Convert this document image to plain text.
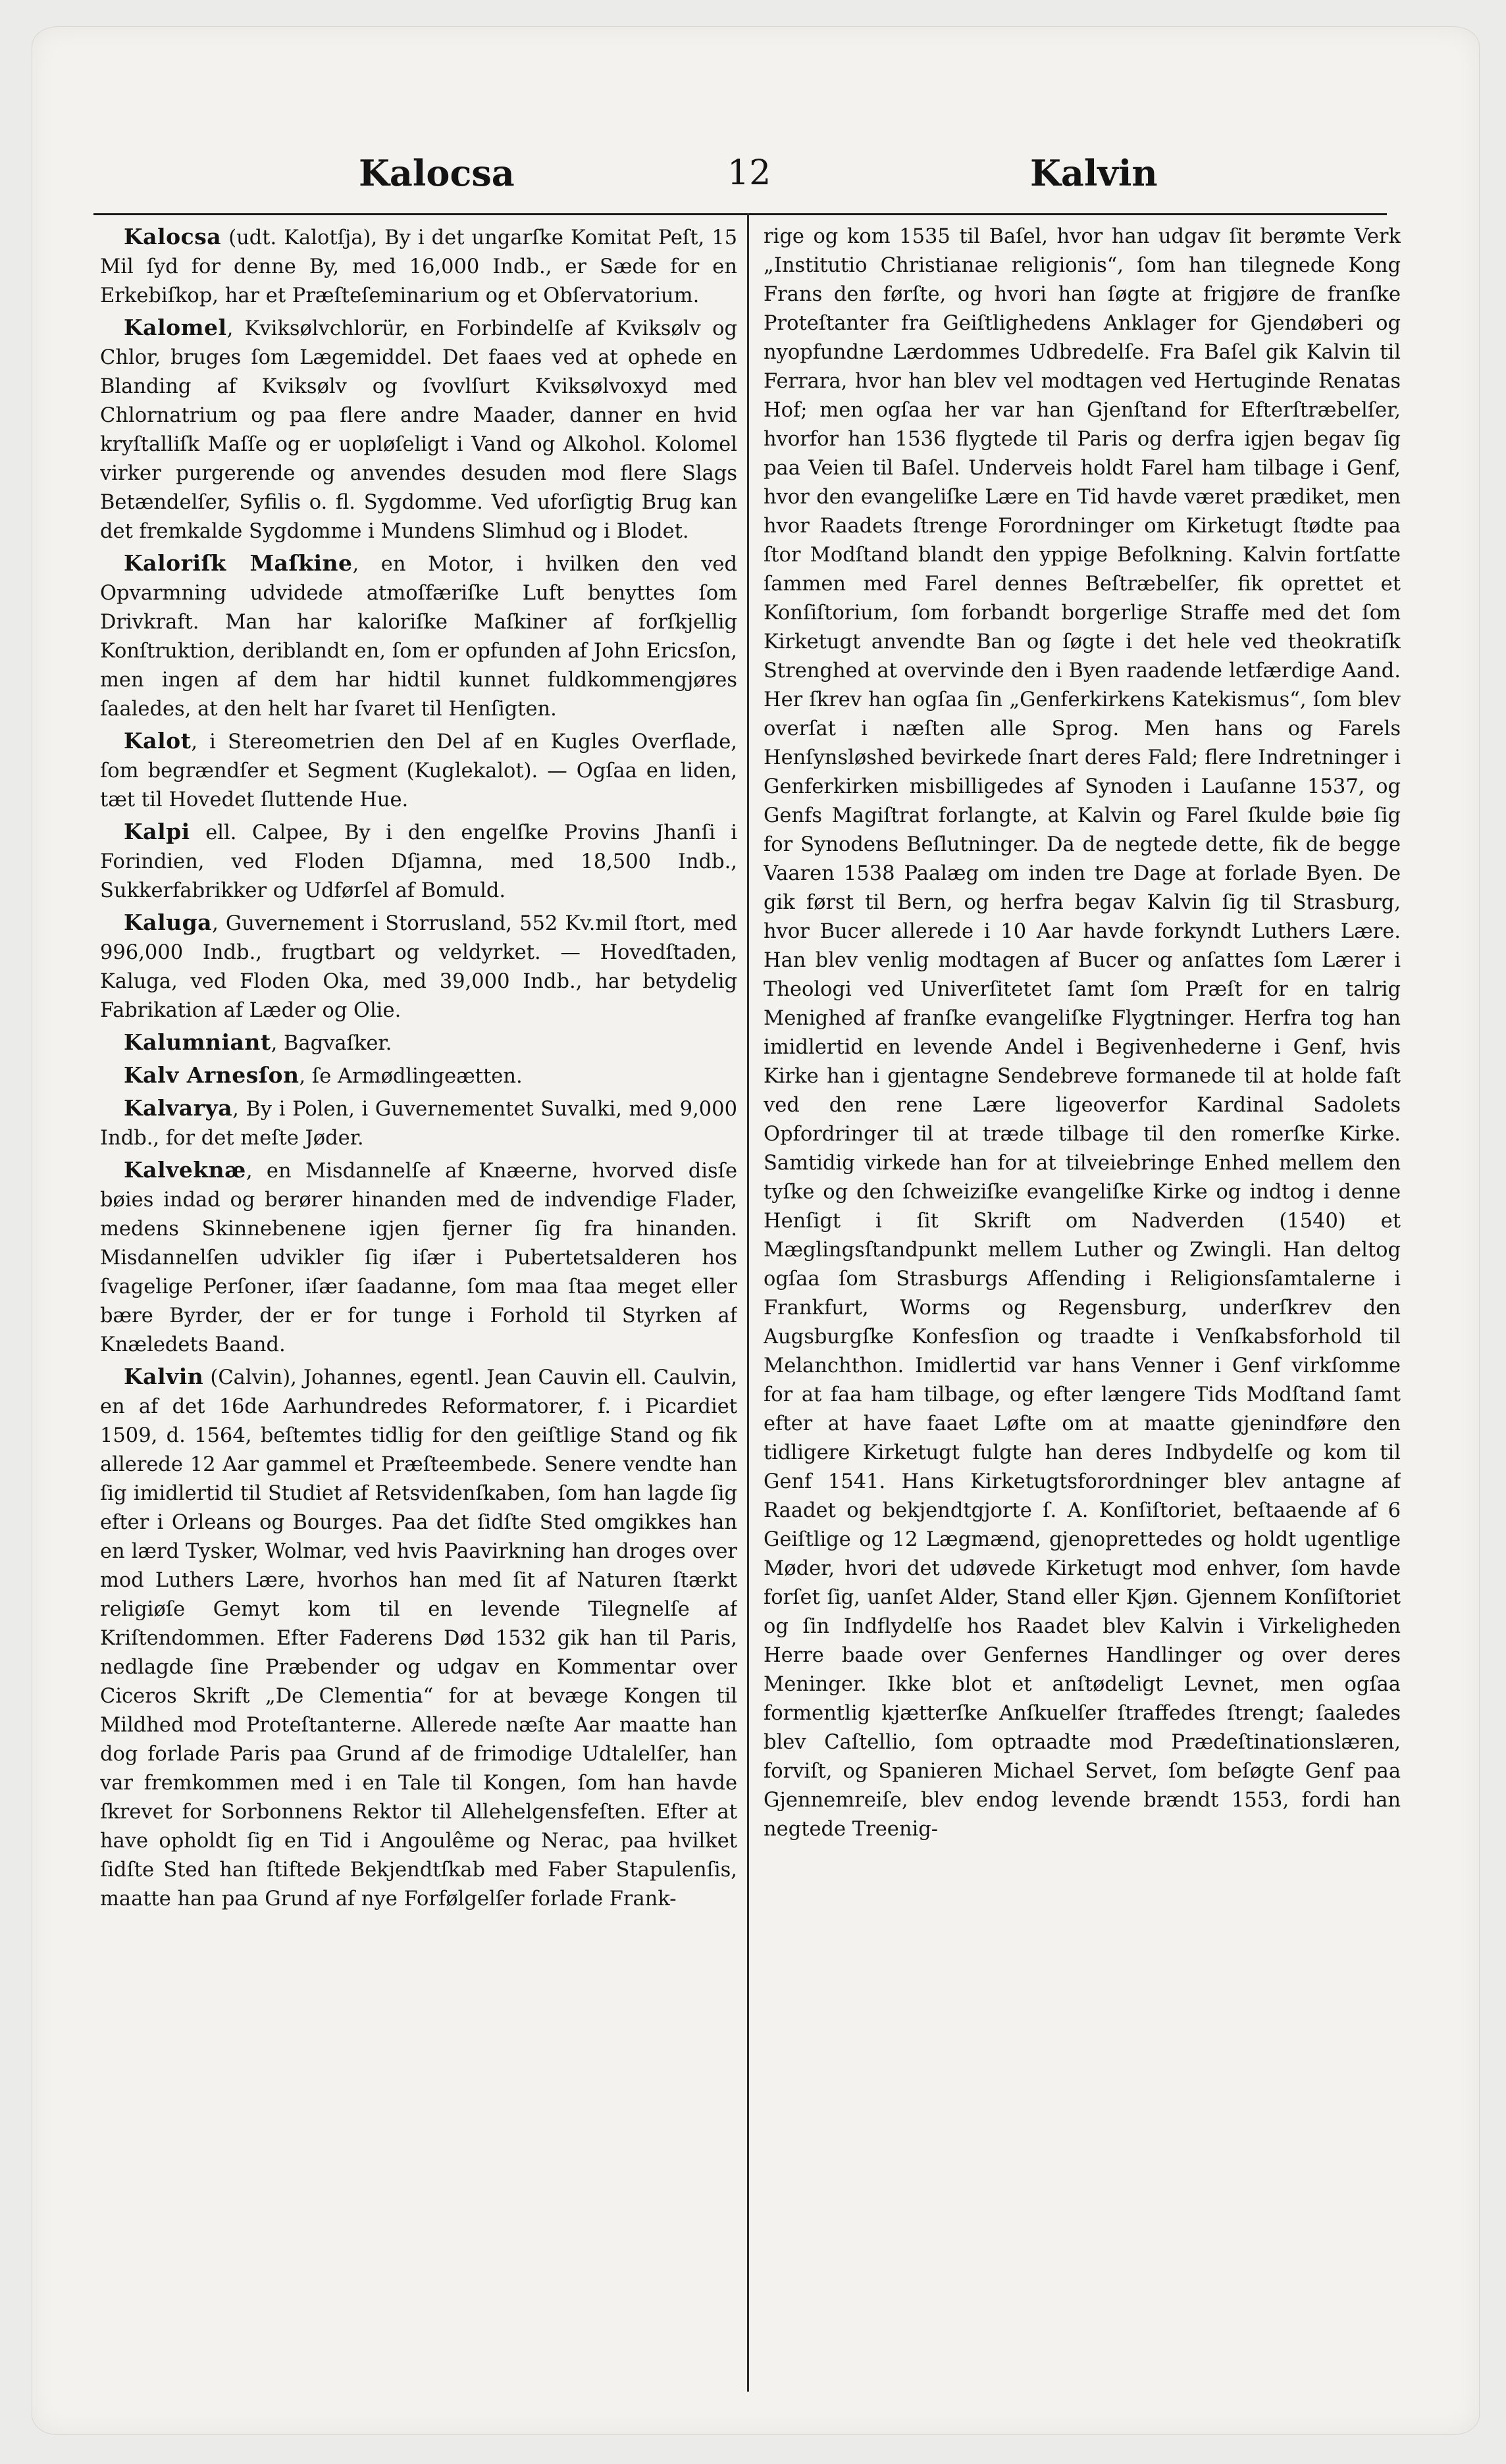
Kalocsa	12	Kalvin

Kalocsa (udt. Kalotſja), By i det ungarſke Komitat Peſt, 15 Mil ſyd for denne By, med 16,000 Indb., er Sæde for en Erkebiſkop, har et Præſteſeminarium og et Obſervatorium.

Kalomel, Kviksølvchlorür, en Forbindelſe af Kviksølv og Chlor, bruges ſom Lægemiddel. Det faaes ved at ophede en Blanding af Kviksølv og ſvovlſurt Kviksølvoxyd med Chlornatrium og paa flere andre Maader, danner en hvid kryſtalliſk Maſſe og er uopløſeligt i Vand og Alkohol. Kolomel virker purgerende og anvendes desuden mod flere Slags Betændelſer, Syfilis o. fl. Sygdomme. Ved uforſigtig Brug kan det fremkalde Sygdomme i Mundens Slimhud og i Blodet.

Kaloriſk Maſkine, en Motor, i hvilken den ved Opvarmning udvidede atmoſfæriſke Luft benyttes ſom Drivkraft. Man har kaloriſke Maſkiner af forſkjellig Konſtruktion, deriblandt en, ſom er opfunden af John Ericsſon, men ingen af dem har hidtil kunnet fuldkommengjøres ſaaledes, at den helt har ſvaret til Henſigten.

Kalot, i Stereometrien den Del af en Kugles Overflade, ſom begrændſer et Segment (Kuglekalot). — Ogſaa en liden, tæt til Hovedet ſluttende Hue.

Kalpi ell. Calpee, By i den engelſke Provins Jhanſi i Forindien, ved Floden Dſjamna, med 18,500 Indb., Sukkerfabrikker og Udførſel af Bomuld.

Kaluga, Guvernement i Storrusland, 552 Kv.mil ſtort, med 996,000 Indb., frugtbart og veldyrket. — Hovedſtaden, Kaluga, ved Floden Oka, med 39,000 Indb., har betydelig Fabrikation af Læder og Olie.

Kalumniant, Bagvaſker.

Kalv Arnesſon, ſe Armødlingeætten.

Kalvarya, By i Polen, i Guvernementet Suvalki, med 9,000 Indb., for det meſte Jøder.

Kalveknæ, en Misdannelſe af Knæerne, hvorved disſe bøies indad og berører hinanden med de indvendige Flader, medens Skinnebenene igjen fjerner ſig fra hinanden. Misdannelſen udvikler ſig iſær i Pubertetsalderen hos ſvagelige Perſoner, iſær ſaadanne, ſom maa ſtaa meget eller bære Byrder, der er for tunge i Forhold til Styrken af Knæledets Baand.

Kalvin (Calvin), Johannes, egentl. Jean Cauvin ell. Caulvin, en af det 16de Aarhundredes Reformatorer, f. i Picardiet 1509, d. 1564, beſtemtes tidlig for den geiſtlige Stand og fik allerede 12 Aar gammel et Præſteembede. Senere vendte han ſig imidlertid til Studiet af Retsvidenſkaben, ſom han lagde ſig efter i Orleans og Bourges. Paa det ſidſte Sted omgikkes han en lærd Tysker, Wolmar, ved hvis Paavirkning han droges over mod Luthers Lære, hvorhos han med ſit af Naturen ſtærkt religiøſe Gemyt kom til en levende Tilegnelſe af Kriſtendommen. Efter Faderens Død 1532 gik han til Paris, nedlagde ſine Præbender og udgav en Kommentar over Ciceros Skrift „De Clementia“ for at bevæge Kongen til Mildhed mod Proteſtanterne. Allerede næſte Aar maatte han dog forlade Paris paa Grund af de frimodige Udtalelſer, han var fremkommen med i en Tale til Kongen, ſom han havde ſkrevet for Sorbonnens Rektor til Allehelgensfeſten. Efter at have opholdt ſig en Tid i Angoulême og Nerac, paa hvilket ſidſte Sted han ſtiftede Bekjendtſkab med Faber Stapulenſis, maatte han paa Grund af nye Forfølgelſer forlade Frank-

rige og kom 1535 til Baſel, hvor han udgav ſit berømte Verk „Institutio Christianae religionis“, ſom han tilegnede Kong Frans den førſte, og hvori han ſøgte at frigjøre de franſke Proteſtanter fra Geiſtlighedens Anklager for Gjendøberi og nyopfundne Lærdommes Udbredelſe. Fra Baſel gik Kalvin til Ferrara, hvor han blev vel modtagen ved Hertuginde Renatas Hof; men ogſaa her var han Gjenſtand for Efterſtræbelſer, hvorfor han 1536 flygtede til Paris og derfra igjen begav ſig paa Veien til Baſel. Underveis holdt Farel ham tilbage i Genf, hvor den evangeliſke Lære en Tid havde været prædiket, men hvor Raadets ſtrenge Forordninger om Kirketugt ſtødte paa ſtor Modſtand blandt den yppige Befolkning. Kalvin fortſatte ſammen med Farel dennes Beſtræbelſer, fik oprettet et Konſiſtorium, ſom forbandt borgerlige Straffe med det ſom Kirketugt anvendte Ban og ſøgte i det hele ved theokratiſk Strenghed at overvinde den i Byen raadende letfærdige Aand. Her ſkrev han ogſaa ſin „Genferkirkens Katekismus“, ſom blev overſat i næſten alle Sprog. Men hans og Farels Henſynsløshed bevirkede ſnart deres Fald; flere Indretninger i Genferkirken misbilligedes af Synoden i Lauſanne 1537, og Genfs Magiſtrat forlangte, at Kalvin og Farel ſkulde bøie ſig for Synodens Beſlutninger. Da de negtede dette, fik de begge Vaaren 1538 Paalæg om inden tre Dage at forlade Byen. De gik først til Bern, og herfra begav Kalvin ſig til Strasburg, hvor Bucer allerede i 10 Aar havde forkyndt Luthers Lære. Han blev venlig modtagen af Bucer og anſattes ſom Lærer i Theologi ved Univerſitetet ſamt ſom Præſt for en talrig Menighed af franſke evangeliſke Flygtninger. Herfra tog han imidlertid en levende Andel i Begivenhederne i Genf, hvis Kirke han i gjentagne Sendebreve formanede til at holde faſt ved den rene Lære ligeoverfor Kardinal Sadolets Opfordringer til at træde tilbage til den romerſke Kirke. Samtidig virkede han for at tilveiebringe Enhed mellem den tyſke og den ſchweiziſke evangeliſke Kirke og indtog i denne Henſigt i ſit Skrift om Nadverden (1540) et Mæglingsſtandpunkt mellem Luther og Zwingli. Han deltog ogſaa ſom Strasburgs Afſending i Religionsſamtalerne i Frankfurt, Worms og Regensburg, underſkrev den Augsburgſke Konfesſion og traadte i Venſkabsforhold til Melanchthon. Imidlertid var hans Venner i Genf virkſomme for at faa ham tilbage, og efter længere Tids Modſtand ſamt efter at have faaet Løfte om at maatte gjenindføre den tidligere Kirketugt fulgte han deres Indbydelſe og kom til Genf 1541. Hans Kirketugtsforordninger blev antagne af Raadet og bekjendtgjorte ſ. A. Konſiſtoriet, beſtaaende af 6 Geiſtlige og 12 Lægmænd, gjenoprettedes og holdt ugentlige Møder, hvori det udøvede Kirketugt mod enhver, ſom havde forſet ſig, uanſet Alder, Stand eller Kjøn. Gjennem Konſiſtoriet og ſin Indflydelſe hos Raadet blev Kalvin i Virkeligheden Herre baade over Genfernes Handlinger og over deres Meninger. Ikke blot et anſtødeligt Levnet, men ogſaa formentlig kjætterſke Anſkuelſer ſtraffedes ſtrengt; ſaaledes blev Caſtellio, ſom optraadte mod Prædeſtinationslæren, forviſt, og Spanieren Michael Servet, ſom beſøgte Genf paa Gjennemreiſe, blev endog levende brændt 1553, fordi han negtede Treenig-
